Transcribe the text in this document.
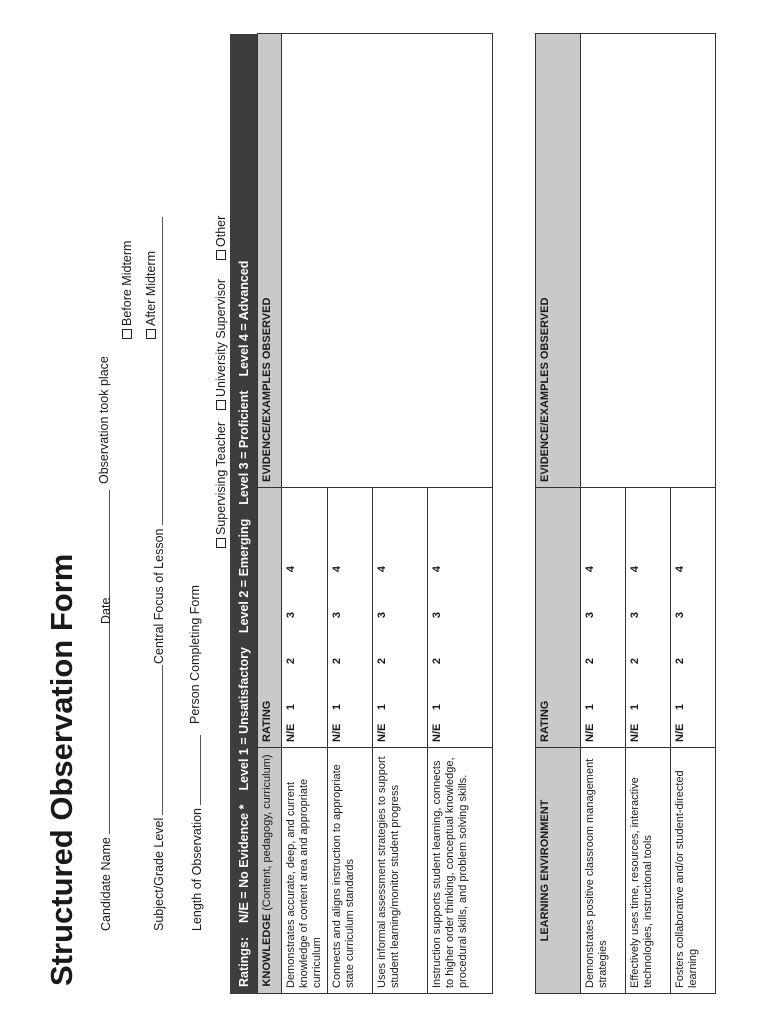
Structured Observation Form Candidate Name
Date
Observation took place
Before Midterm After Midterm
Subject/Grade Level
Central Focus of Lesson
Length of Observation
Person Completing Form
Supervising Teacher
University Supervisor
Other
Ratings:
N/E = No Evidence *
Level 1 = Unsatisfactory
Level 2 = Emerging
Level 3 = Proficient
Level 4 = Advanced
KNOWLEDGE (Content, pedagogy, curriculum)	RATING	EVIDENCE/EXAMPLES OBSERVED
Demonstrates accurate, deep, and current knowledge of content area and appropriate curriculum	N/E1234	
Connects and aligns instruction to appropriate state curriculum standards	N/E1234	
Uses informal assessment strategies to support student learning/monitor student progress	N/E1234	
Instruction supports student learning, connects to higher order thinking, conceptual knowledge, procedural skills, and problem solving skills.	N/E1234	
LEARNING ENVIRONMENT	RATING	EVIDENCE/EXAMPLES OBSERVED
Demonstrates positive classroom management strategies	N/E1234	
Effectively uses time, resources, interactive technologies, instructional tools	N/E1234	
Fosters collaborative and/or student-directed learning	N/E1234	
